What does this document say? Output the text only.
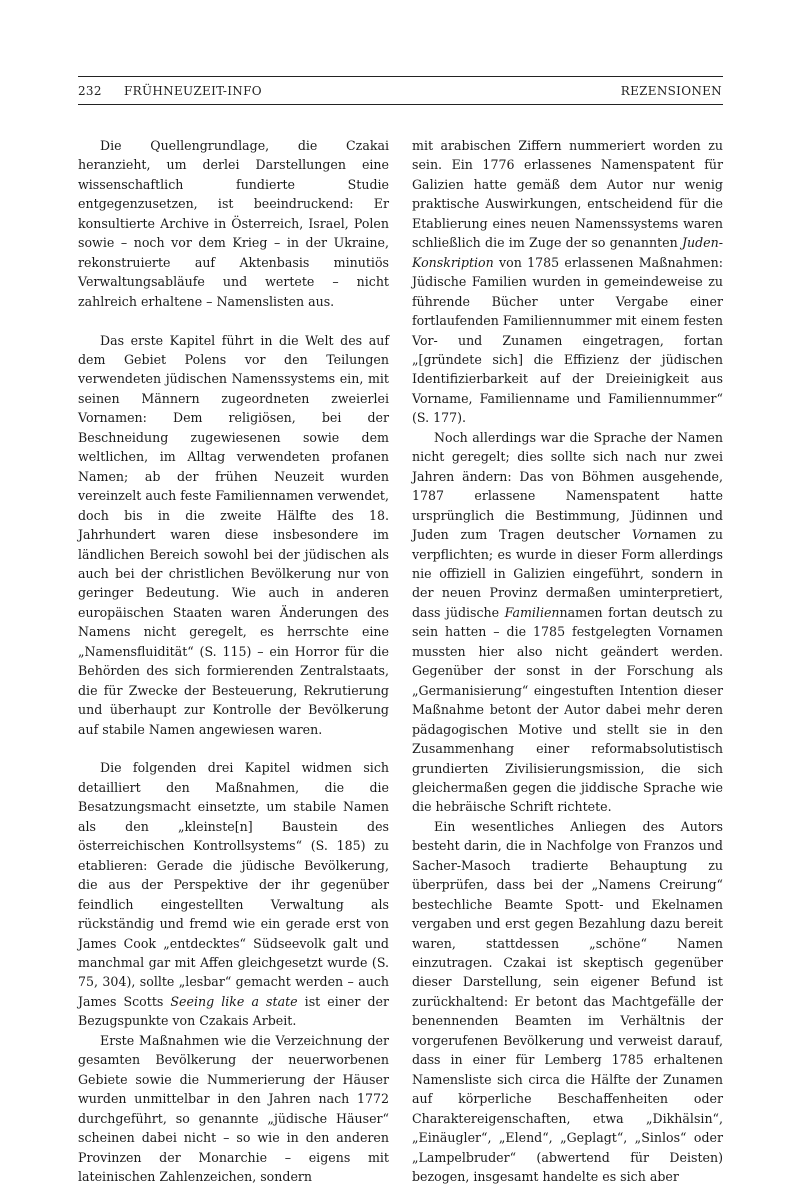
232 FRÜHNEUZEIT-INFO	REZENSIONEN

Die Quellengrundlage, die Czakai heranzieht, um derlei Darstellungen eine wissenschaftlich fundierte Studie entgegenzusetzen, ist beeindruckend: Er konsultierte Archive in Österreich, Israel, Polen sowie – noch vor dem Krieg – in der Ukraine, rekonstruierte auf Aktenbasis minutiös Verwaltungsabläufe und wertete – nicht zahlreich erhaltene – Namenslisten aus.

Das erste Kapitel führt in die Welt des auf dem Gebiet Polens vor den Teilungen verwendeten jüdischen Namenssystems ein, mit seinen Männern zugeordneten zweierlei Vornamen: Dem religiösen, bei der Beschneidung zugewiesenen sowie dem weltlichen, im Alltag verwendeten profanen Namen; ab der frühen Neuzeit wurden vereinzelt auch feste Familiennamen verwendet, doch bis in die zweite Hälfte des 18. Jahrhundert waren diese insbesondere im ländlichen Bereich sowohl bei der jüdischen als auch bei der christlichen Bevölkerung nur von geringer Bedeutung. Wie auch in anderen europäischen Staaten waren Änderungen des Namens nicht geregelt, es herrschte eine „Namensfluidität“ (S. 115) – ein Horror für die Behörden des sich formierenden Zentralstaats, die für Zwecke der Besteuerung, Rekrutierung und überhaupt zur Kontrolle der Bevölkerung auf stabile Namen angewiesen waren.

Die folgenden drei Kapitel widmen sich detailliert den Maßnahmen, die die Besatzungsmacht einsetzte, um stabile Namen als den „kleinste[n] Baustein des österreichischen Kontrollsystems“ (S. 185) zu etablieren: Gerade die jüdische Bevölkerung, die aus der Perspektive der ihr gegenüber feindlich eingestellten Verwaltung als rückständig und fremd wie ein gerade erst von James Cook „entdecktes“ Südseevolk galt und manchmal gar mit Affen gleichgesetzt wurde (S. 75, 304), sollte „lesbar“ gemacht werden – auch James Scotts Seeing like a state ist einer der Bezugspunkte von Czakais Arbeit.

Erste Maßnahmen wie die Verzeichnung der gesamten Bevölkerung der neuerworbenen Gebiete sowie die Nummerierung der Häuser wurden unmittelbar in den Jahren nach 1772 durchgeführt, so genannte „jüdische Häuser“ scheinen dabei nicht – so wie in den anderen Provinzen der Monarchie – eigens mit lateinischen Zahlenzeichen, sondern

mit arabischen Ziffern nummeriert worden zu sein. Ein 1776 erlassenes Namenspatent für Galizien hatte gemäß dem Autor nur wenig praktische Auswirkungen, entscheidend für die Etablierung eines neuen Namenssystems waren schließlich die im Zuge der so genannten Juden-Konskription von 1785 erlassenen Maßnahmen: Jüdische Familien wurden in gemeindeweise zu führende Bücher unter Vergabe einer fortlaufenden Familiennummer mit einem festen Vor- und Zunamen eingetragen, fortan „[gründete sich] die Effizienz der jüdischen Identifizierbarkeit auf der Dreieinigkeit aus Vorname, Familienname und Familiennummer“ (S. 177).

Noch allerdings war die Sprache der Namen nicht geregelt; dies sollte sich nach nur zwei Jahren ändern: Das von Böhmen ausgehende, 1787 erlassene Namenspatent hatte ursprünglich die Bestimmung, Jüdinnen und Juden zum Tragen deutscher Vornamen zu verpflichten; es wurde in dieser Form allerdings nie offiziell in Galizien eingeführt, sondern in der neuen Provinz dermaßen uminterpretiert, dass jüdische Familiennamen fortan deutsch zu sein hatten – die 1785 festgelegten Vornamen mussten hier also nicht geändert werden. Gegenüber der sonst in der Forschung als „Germanisierung“ eingestuften Intention dieser Maßnahme betont der Autor dabei mehr deren pädagogischen Motive und stellt sie in den Zusammenhang einer reformabsolutistisch grundierten Zivilisierungsmission, die sich gleichermaßen gegen die jiddische Sprache wie die hebräische Schrift richtete.

Ein wesentliches Anliegen des Autors besteht darin, die in Nachfolge von Franzos und Sacher-Masoch tradierte Behauptung zu überprüfen, dass bei der „Namens Creirung“ bestechliche Beamte Spott- und Ekelnamen vergaben und erst gegen Bezahlung dazu bereit waren, stattdessen „schöne“ Namen einzutragen. Czakai ist skeptisch gegenüber dieser Darstellung, sein eigener Befund ist zurückhaltend: Er betont das Machtgefälle der benennenden Beamten im Verhältnis der vorgerufenen Bevölkerung und verweist darauf, dass in einer für Lemberg 1785 erhaltenen Namensliste sich circa die Hälfte der Zunamen auf körperliche Beschaffenheiten oder Charaktereigenschaften, etwa „Dikhälsin“, „Einäugler“, „Elend“, „Geplagt“, „Sinlos“ oder „Lampelbruder“ (abwertend für Deisten) bezogen, insgesamt handelte es sich aber
